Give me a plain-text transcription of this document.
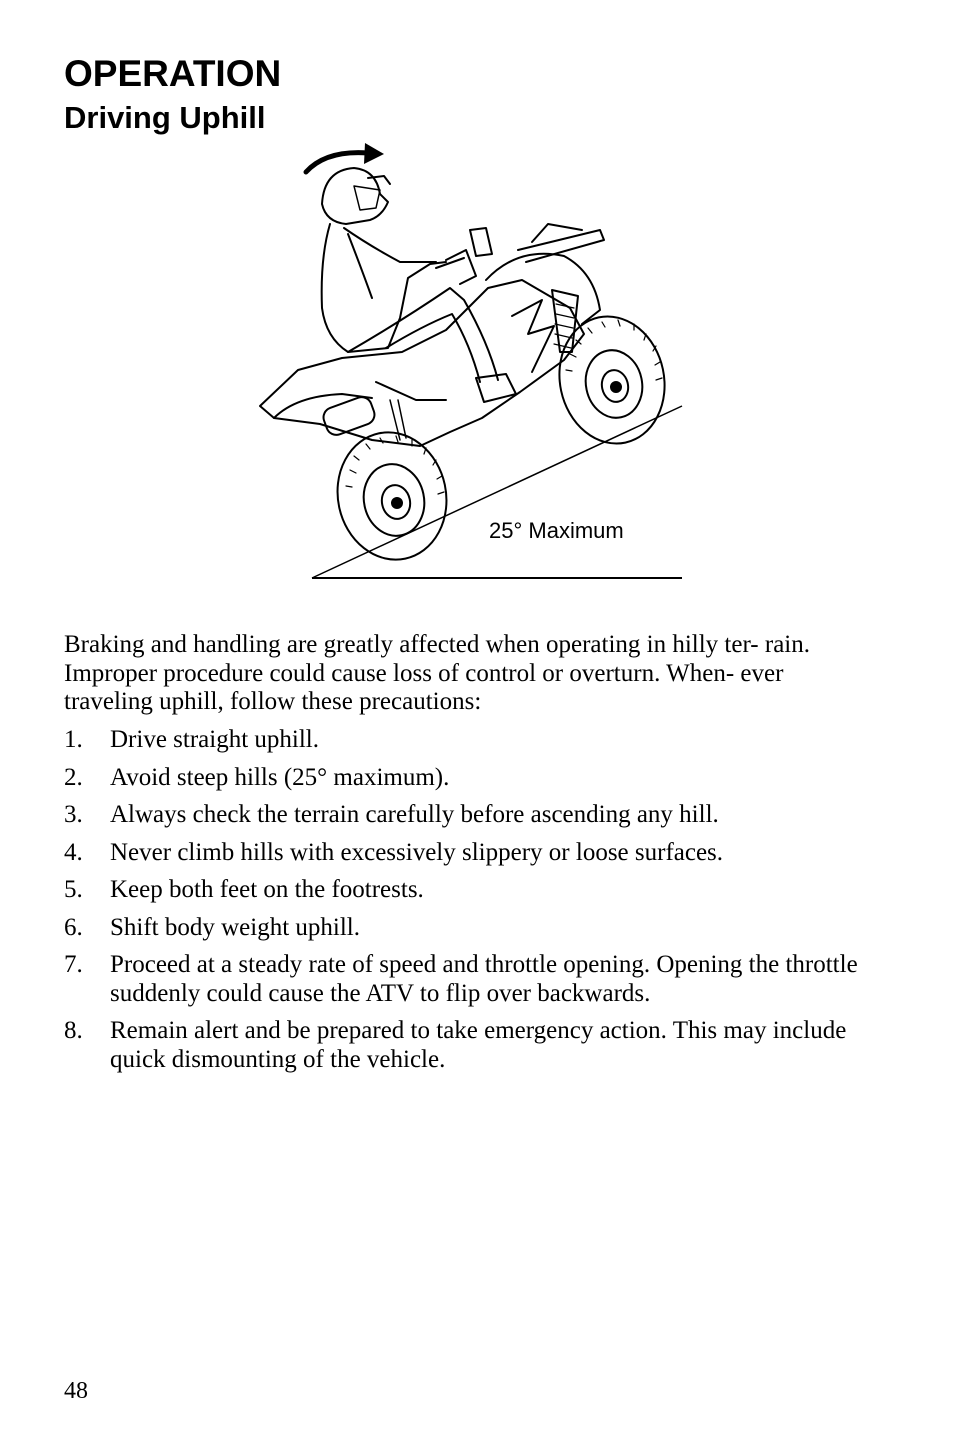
OPERATION
Driving Uphill
25° Maximum

Braking and handling are greatly affected when operating in hilly ter- rain. Improper procedure could cause loss of control or overturn. When- ever traveling uphill, follow these precautions:

1. Drive straight uphill.
2. Avoid steep hills (25° maximum).
3. Always check the terrain carefully before ascending any hill.
4. Never climb hills with excessively slippery or loose surfaces.
5. Keep both feet on the footrests.
6. Shift body weight uphill.
7. Proceed at a steady rate of speed and throttle opening. Opening the throttle suddenly could cause the ATV to flip over backwards.
8. Remain alert and be prepared to take emergency action. This may include quick dismounting of the vehicle.
48
